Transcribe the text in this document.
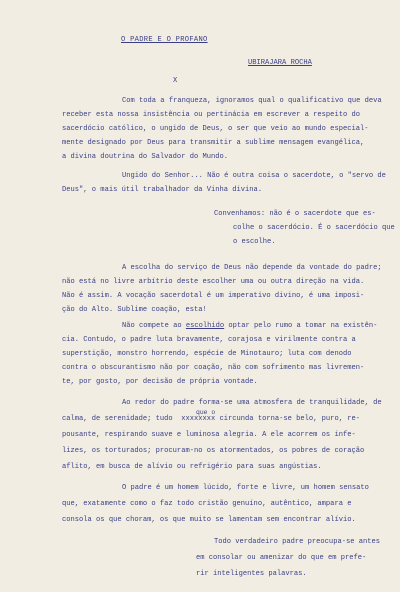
O PADRE E O PROFANO
UBIRAJARA ROCHA
X
Com toda a franqueza, ignoramos qual o qualificativo que deva
receber esta nossa insistência ou pertinácia em escrever a respeito do
sacerdócio católico, o ungido de Deus, o ser que veio ao mundo especial-
mente designado por Deus para transmitir a sublime mensagem evangélica,
a divina doutrina do Salvador do Mundo.
Ungido do Senhor... Não é outra coisa o sacerdote, o "servo de
Deus", o mais útil trabalhador da Vinha divina.
Convenhamos: não é o sacerdote que es-
colhe o sacerdócio. É o sacerdócio que
o escolhe.
A escolha do serviço de Deus não depende da vontade do padre;
não está no livre arbítrio deste escolher uma ou outra direção na vida.
Não é assim. A vocação sacerdotal é um imperativo divino, é uma imposi-
ção do Alto. Sublime coação, esta!
Não compete ao escolhido optar pelo rumo a tomar na existên-
cia. Contudo, o padre luta bravamente, corajosa e virilmente contra a
superstição, monstro horrendo, espécie de Minotauro; luta com denodo
contra o obscurantismo não por coação, não com sofrimento mas livremen-
te, por gosto, por decisão de própria vontade.
Ao redor do padre forma-se uma atmosfera de tranquilidade, de
que o
calma, de serenidade; tudo  xxxxxxxx circunda torna-se belo, puro, re-
pousante, respirando suave e luminosa alegria. A ele acorrem os infe-
lizes, os torturados; procuram-no os atormentados, os pobres de coração
aflito, em busca de alívio ou refrigério para suas angústias.
O padre é um homem lúcido, forte e livre, um homem sensato
que, exatamente como o faz todo cristão genuíno, autêntico, ampara e
consola os que choram, os que muito se lamentam sem encontrar alívio.
Todo verdadeiro padre preocupa-se antes
em consolar ou amenizar do que em prefe-
rir inteligentes palavras.
